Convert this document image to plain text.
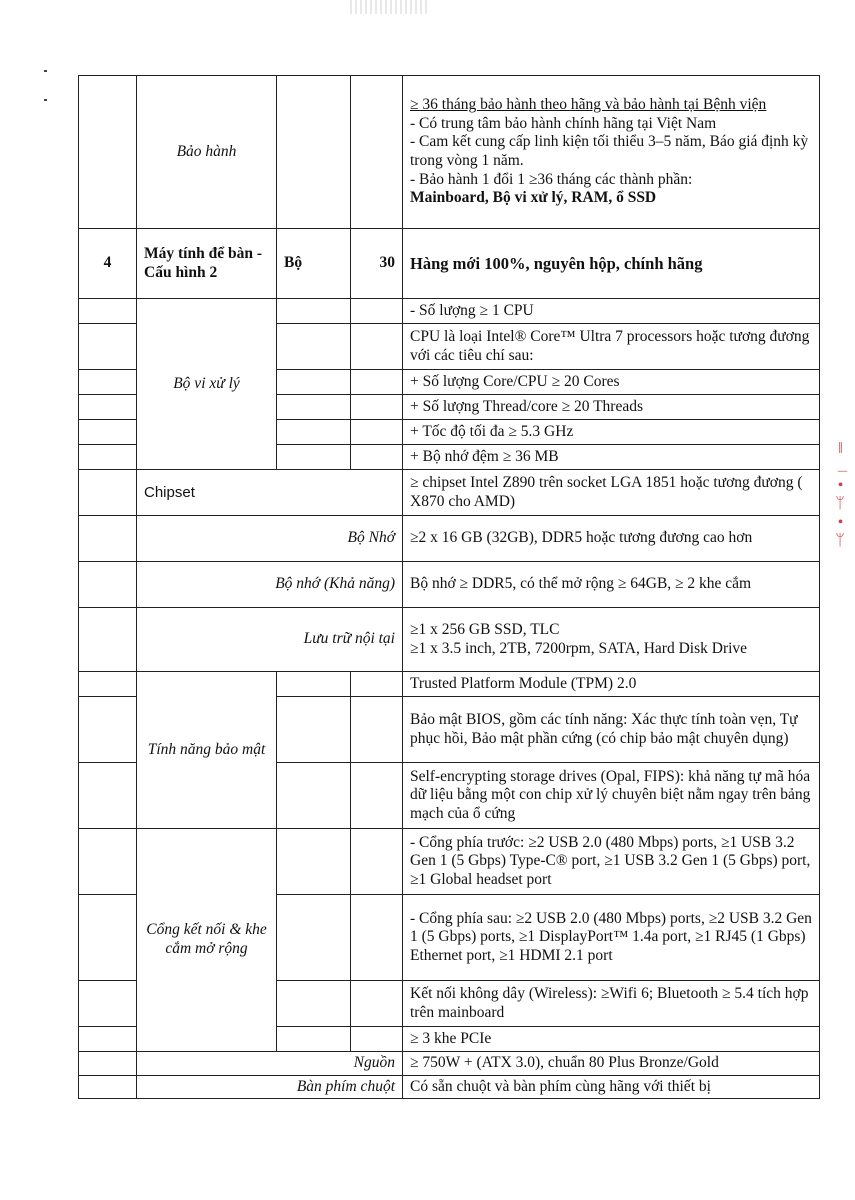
‖﹘•ᛘ•ᛘ
	Bảo hành			≥ 36 tháng bảo hành theo hãng và bảo hành tại Bệnh viện
- Có trung tâm bảo hành chính hãng tại Việt Nam
- Cam kết cung cấp linh kiện tối thiểu 3–5 năm, Báo giá định kỳ trong vòng 1 năm.
- Bảo hành 1 đổi 1 ≥36 tháng các thành phần:
Mainboard, Bộ vi xử lý, RAM, ổ SSD

4	Máy tính để bàn - Cấu hình 2	Bộ	30	Hàng mới 100%, nguyên hộp, chính hãng
	Bộ vi xử lý			- Số lượng ≥ 1 CPU
				CPU là loại Intel® Core™ Ultra 7 processors hoặc tương đương với các tiêu chí sau:
				+ Số lượng Core/CPU ≥ 20 Cores
				+ Số lượng Thread/core ≥ 20 Threads
				+ Tốc độ tối đa ≥ 5.3 GHz
				+ Bộ nhớ đệm ≥ 36 MB
	Chipset			≥ chipset Intel Z890 trên socket LGA 1851 hoặc tương đương ( X870 cho AMD)
	Bộ Nhớ			≥2 x 16 GB (32GB), DDR5 hoặc tương đương cao hơn
	Bộ nhớ (Khả năng)			Bộ nhớ ≥ DDR5, có thể mở rộng ≥ 64GB, ≥ 2 khe cắm
	Lưu trữ nội tại			≥1 x 256 GB SSD, TLC
≥1 x 3.5 inch, 2TB, 7200rpm, SATA, Hard Disk Drive

	Tính năng bảo mật			Trusted Platform Module (TPM) 2.0
				Bảo mật BIOS, gồm các tính năng: Xác thực tính toàn vẹn, Tự phục hồi, Bảo mật phần cứng (có chip bảo mật chuyên dụng)
				Self-encrypting storage drives (Opal, FIPS): khả năng tự mã hóa dữ liệu bằng một con chip xử lý chuyên biệt nằm ngay trên bảng mạch của ổ cứng
	Cổng kết nối & khe cắm mở rộng			- Cổng phía trước: ≥2 USB 2.0 (480 Mbps) ports, ≥1 USB 3.2 Gen 1 (5 Gbps) Type-C® port, ≥1 USB 3.2 Gen 1 (5 Gbps) port, ≥1 Global headset port
				- Cổng phía sau: ≥2 USB 2.0 (480 Mbps) ports, ≥2 USB 3.2 Gen 1 (5 Gbps) ports, ≥1 DisplayPort™ 1.4a port, ≥1 RJ45 (1 Gbps) Ethernet port, ≥1 HDMI 2.1 port
				Kết nối không dây (Wireless): ≥Wifi 6; Bluetooth ≥ 5.4 tích hợp trên mainboard
				≥ 3 khe PCIe
	Nguồn			≥ 750W + (ATX 3.0), chuẩn 80 Plus Bronze/Gold
	Bàn phím chuột			Có sẵn chuột và bàn phím cùng hãng với thiết bị
